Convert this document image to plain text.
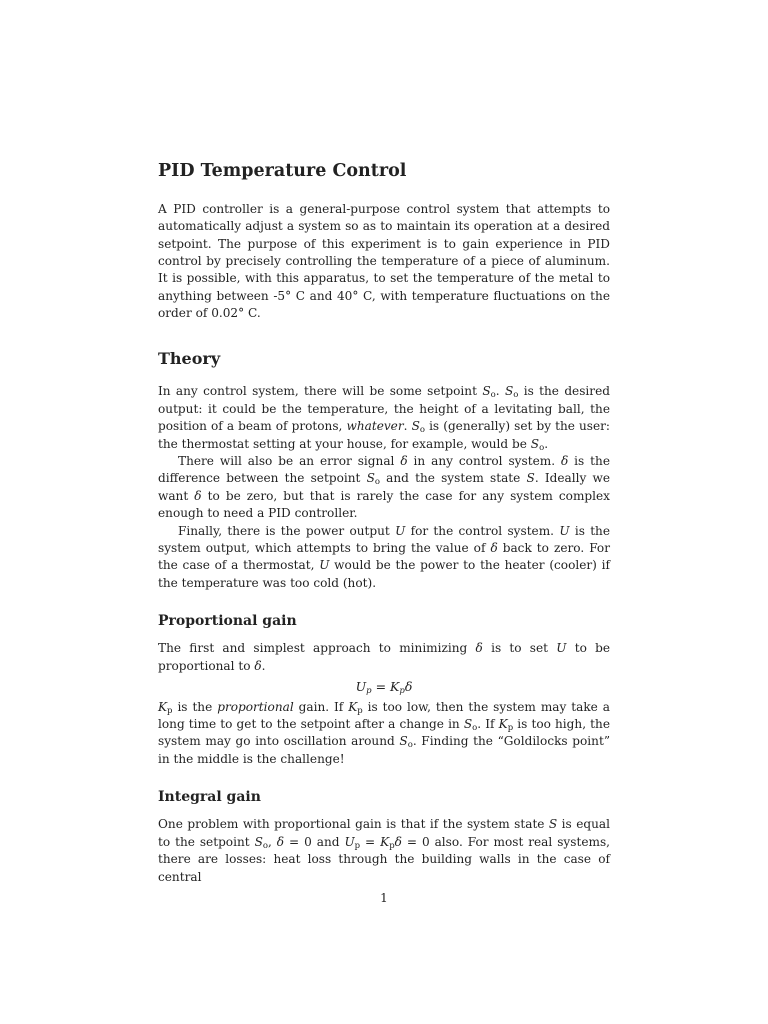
PID Temperature Control

A PID controller is a general-purpose control system that attempts to automatically adjust a system so as to maintain its operation at a desired setpoint. The purpose of this experiment is to gain experience in PID control by precisely controlling the temperature of a piece of aluminum. It is possible, with this apparatus, to set the temperature of the metal to anything between -5° C and 40° C, with temperature fluctuations on the order of 0.02° C.

Theory

In any control system, there will be some setpoint $S_o$. $S_o$ is the desired output: it could be the temperature, the height of a levitating ball, the position of a beam of protons, whatever. $S_o$ is (generally) set by the user: the thermostat setting at your house, for example, would be $S_o$.

There will also be an error signal δ in any control system. δ is the difference between the setpoint $S_o$ and the system state S. Ideally we want δ to be zero, but that is rarely the case for any system complex enough to need a PID controller.

Finally, there is the power output U for the control system. U is the system output, which attempts to bring the value of δ back to zero. For the case of a thermostat, U would be the power to the heater (cooler) if the temperature was too cold (hot).

Proportional gain

The first and simplest approach to minimizing δ is to set U to be proportional to δ.

$U_p = K_p\delta$

$K_p$ is the proportional gain. If $K_p$ is too low, then the system may take a long time to get to the setpoint after a change in $S_o$. If $K_p$ is too high, the system may go into oscillation around $S_o$. Finding the “Goldilocks point” in the middle is the challenge!

Integral gain

One problem with proportional gain is that if the system state S is equal to the setpoint $S_o$, δ = 0 and $U_p = K_p\delta = 0$ also. For most real systems, there are losses: heat loss through the building walls in the case of central

1
